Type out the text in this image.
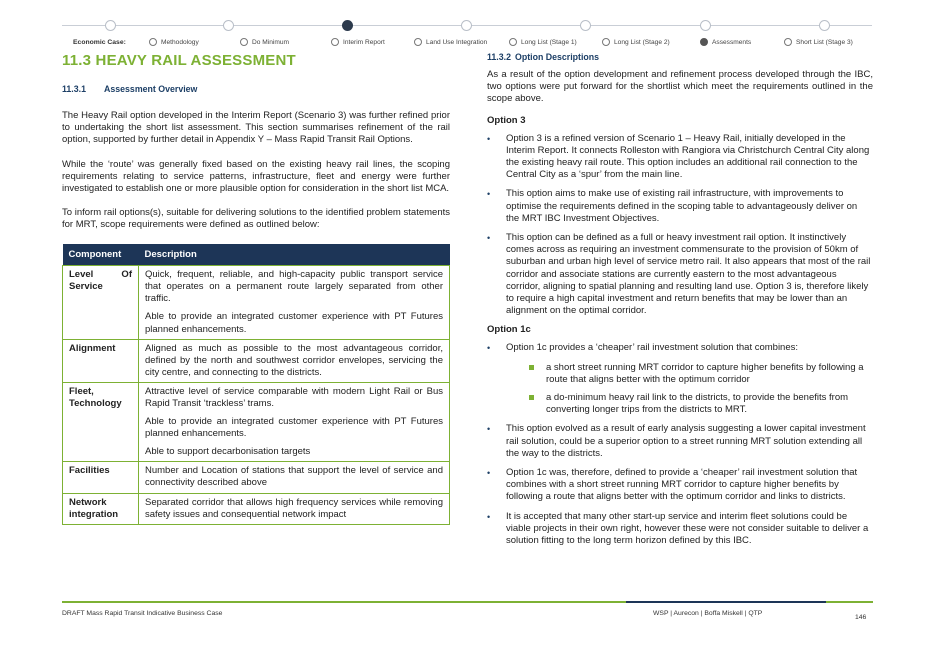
Economic Case:	Methodology	Do Minimum	Interim Report	Land Use Integration	Long List (Stage 1)	Long List (Stage 2)	Assessments	Short List (Stage 3)
11.3 HEAVY RAIL ASSESSMENT
11.3.1	Assessment Overview

The Heavy Rail option developed in the Interim Report (Scenario 3) was further refined prior to undertaking the short list assessment. This section summarises refinement of the rail option, supported by further detail in Appendix Y – Mass Rapid Transit Rail Options.

While the ‘route’ was generally fixed based on the existing heavy rail lines, the scoping requirements relating to service patterns, infrastructure, fleet and energy were further investigated to establish one or more plausible option for consideration in the short list MCA.

To inform rail options(s), suitable for delivering solutions to the identified problem statements for MRT, scope requirements were defined as outlined below:

Component	Description
Level Of Service	Quick, frequent, reliable, and high-capacity public transport service that operates on a permanent route largely separated from other traffic.

Able to provide an integrated customer experience with PT Futures planned enhancements.

Alignment	Aligned as much as possible to the most advantageous corridor, defined by the north and southwest corridor envelopes, servicing the city centre, and connecting to the districts.

Fleet, Technology	Attractive level of service comparable with modern Light Rail or Bus Rapid Transit ‘trackless’ trams.

Able to provide an integrated customer experience with PT Futures planned enhancements.

Able to support decarbonisation targets

Facilities	Number and Location of stations that support the level of service and connectivity described above

Network integration	Separated corridor that allows high frequency services while removing safety issues and consequential network impact

11.3.2 Option Descriptions

As a result of the option development and refinement process developed through the IBC, two options were put forward for the shortlist which meet the requirements outlined in the scope above.

Option 3
• Option 3 is a refined version of Scenario 1 – Heavy Rail, initially developed in the Interim Report. It connects Rolleston with Rangiora via Christchurch Central City along the existing heavy rail route. This option includes an additional rail connection to the Central City as a ‘spur’ from the main line.
• This option aims to make use of existing rail infrastructure, with improvements to optimise the requirements defined in the scoping table to advantageously deliver on the MRT IBC Investment Objectives.
• This option can be defined as a full or heavy investment rail option. It instinctively comes across as requiring an investment commensurate to the provision of 50km of suburban and urban high level of service metro rail. It also appears that most of the rail corridor and associate stations are currently eastern to the most advantageous corridor, aligning to spatial planning and resulting land use. Option 3 is, therefore likely to require a high capital investment and return benefits that may be lower than an alignment on the optimal corridor.
Option 1c
• Option 1c provides a ‘cheaper’ rail investment solution that combines:
a short street running MRT corridor to capture higher benefits by following a route that aligns better with the optimum corridor
a do-minimum heavy rail link to the districts, to provide the benefits from converting longer trips from the districts to MRT.
• This option evolved as a result of early analysis suggesting a lower capital investment rail solution, could be a superior option to a street running MRT solution extending all the way to the districts.
• Option 1c was, therefore, defined to provide a ‘cheaper’ rail investment solution that combines with a short street running MRT corridor to capture higher benefits by following a route that aligns better with the optimum corridor and links to districts.
• It is accepted that many other start-up service and interim fleet solutions could be viable projects in their own right, however these were not consider suitable to deliver a solution fitting to the long term horizon defined by this IBC.
DRAFT Mass Rapid Transit Indicative Business Case	WSP | Aurecon | Boffa Miskell | QTP
146
